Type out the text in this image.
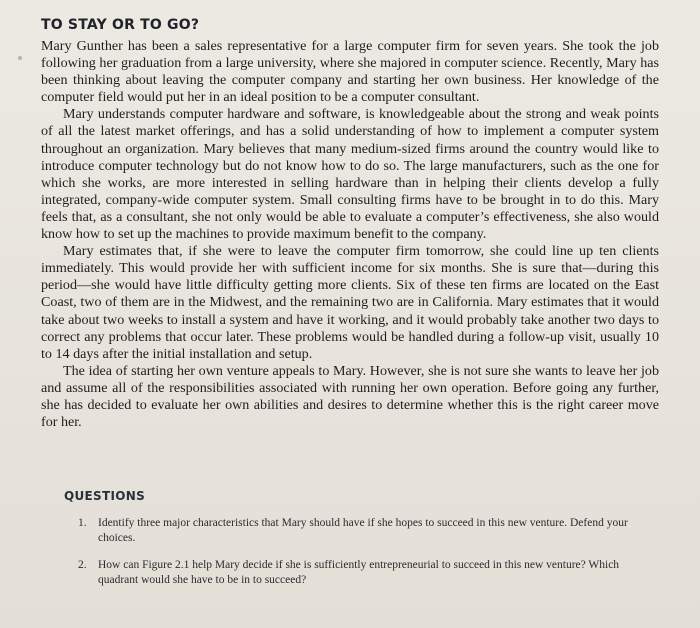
TO STAY OR TO GO?

Mary Gunther has been a sales representative for a large computer firm for seven years. She took the job following her graduation from a large university, where she majored in computer science. Recently, Mary has been thinking about leaving the computer company and starting her own business. Her knowledge of the computer field would put her in an ideal position to be a computer consultant.

Mary understands computer hardware and software, is knowledgeable about the strong and weak points of all the latest market offerings, and has a solid understanding of how to implement a computer system throughout an organization. Mary believes that many medium-sized firms around the country would like to introduce computer technology but do not know how to do so. The large manufacturers, such as the one for which she works, are more interested in selling hardware than in helping their clients develop a fully integrated, company-wide computer system. Small consulting firms have to be brought in to do this. Mary feels that, as a consultant, she not only would be able to evaluate a computer’s effectiveness, she also would know how to set up the machines to provide maximum benefit to the company.

Mary estimates that, if she were to leave the computer firm tomorrow, she could line up ten clients immediately. This would provide her with sufficient income for six months. She is sure that—during this period—she would have little difficulty getting more clients. Six of these ten firms are located on the East Coast, two of them are in the Midwest, and the remaining two are in California. Mary estimates that it would take about two weeks to install a system and have it working, and it would probably take another two days to correct any problems that occur later. These problems would be handled during a follow-up visit, usually 10 to 14 days after the initial installation and setup.

The idea of starting her own venture appeals to Mary. However, she is not sure she wants to leave her job and assume all of the responsibilities associated with running her own operation. Before going any further, she has decided to evaluate her own abilities and desires to determine whether this is the right career move for her.

QUESTIONS
1. Identify three major characteristics that Mary should have if she hopes to succeed in this new venture. Defend your choices.
2. How can Figure 2.1 help Mary decide if she is sufficiently entrepreneurial to succeed in this new venture? Which quadrant would she have to be in to succeed?
